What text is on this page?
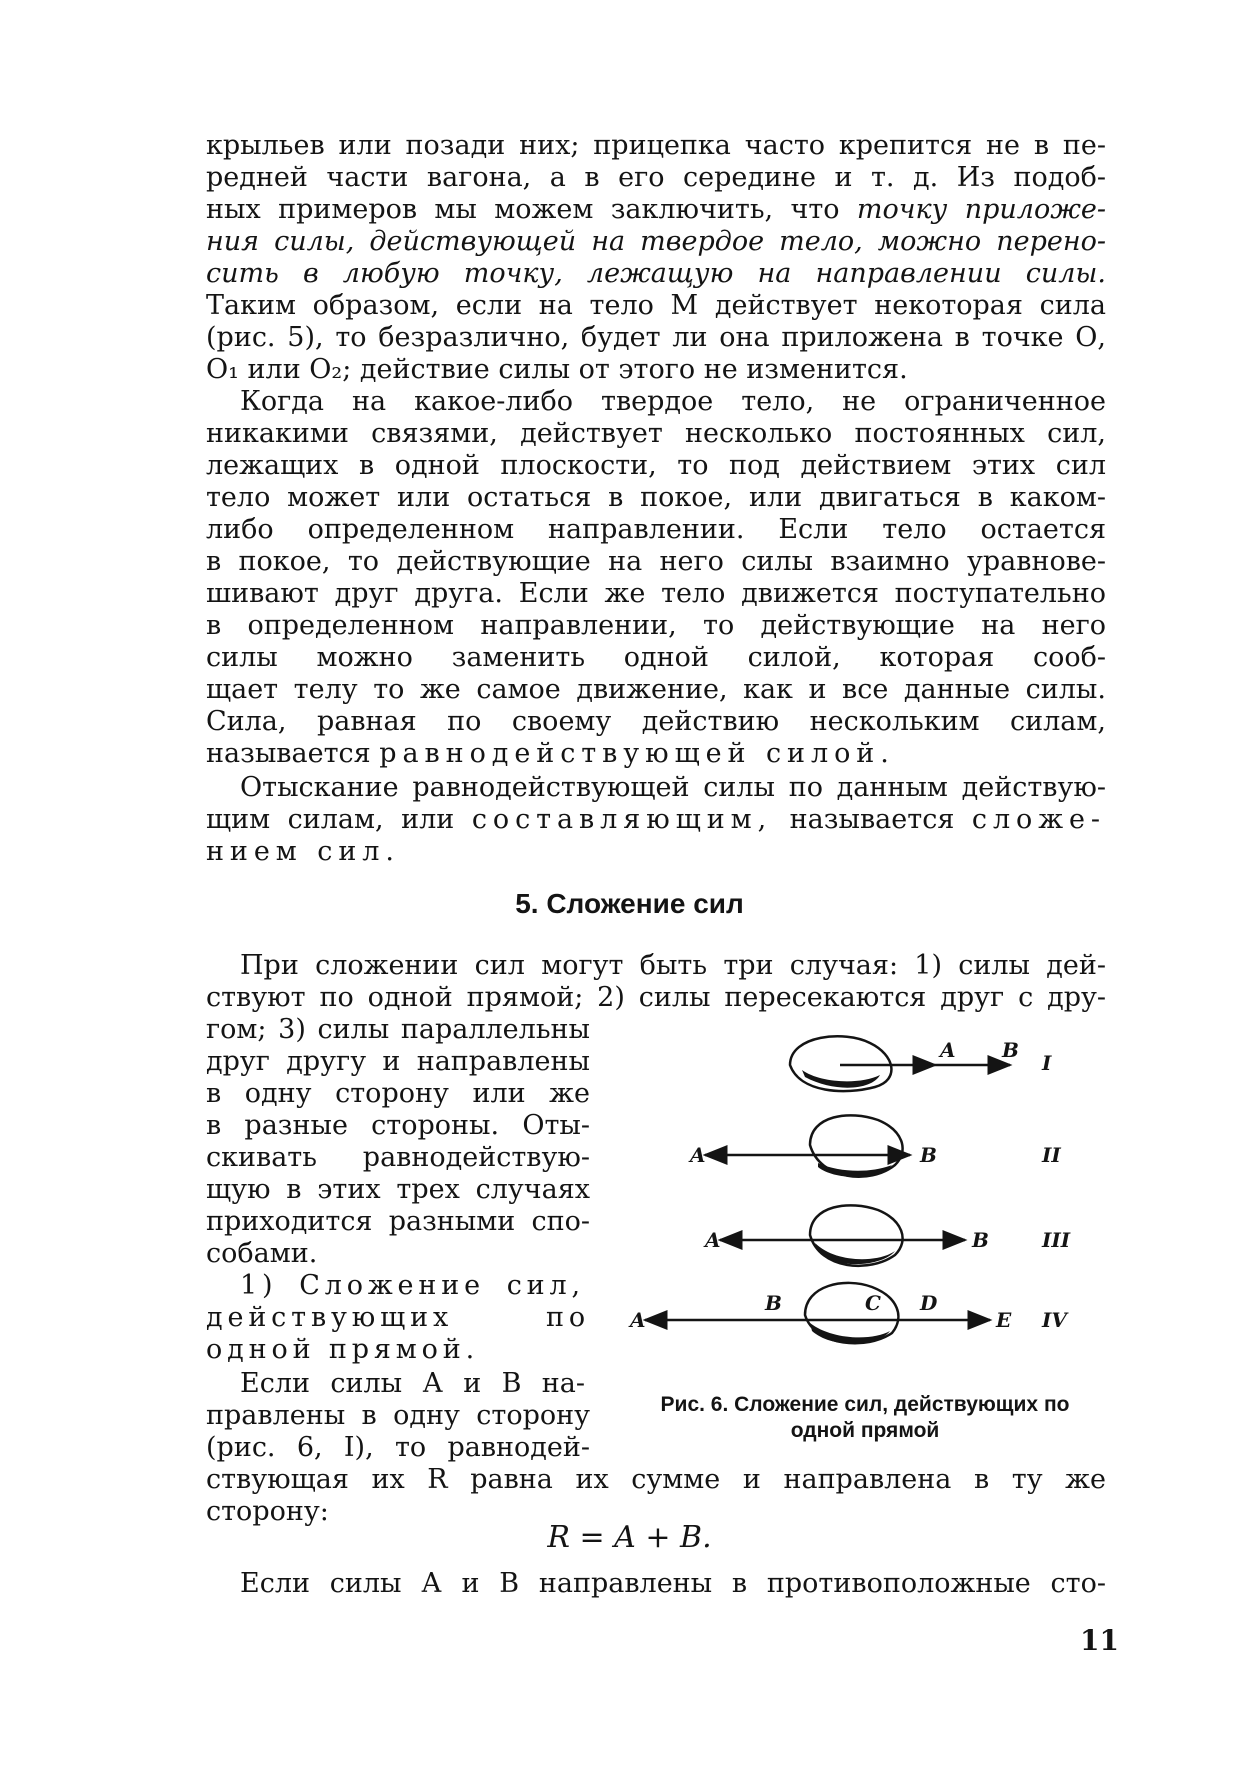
крыльев или позади них; прицепка часто крепится не в пе-
редней части вагона, а в его середине и т. д. Из подоб-
ных примеров мы можем заключить, что точку приложе-
ния силы, действующей на твердое тело, можно перено-
сить в любую точку, лежащую на направлении силы.
Таким образом, если на тело М действует некоторая сила
(рис. 5), то безразлично, будет ли она приложена в точке О,
О₁ или О₂; действие силы от этого не изменится.
Когда на какое-либо твердое тело, не ограниченное
никакими связями, действует несколько постоянных сил,
лежащих в одной плоскости, то под действием этих сил
тело может или остаться в покое, или двигаться в каком-
либо определенном направлении. Если тело остается
в покое, то действующие на него силы взаимно уравнове-
шивают друг друга. Если же тело движется поступательно
в определенном направлении, то действующие на него
силы можно заменить одной силой, которая сооб-
щает телу то же самое движение, как и все данные силы.
Сила, равная по своему действию нескольким силам,
называется равнодействующей силой.
Отыскание равнодействующей силы по данным действую-
щим силам, или составляющим, называется сложе-
нием сил.
5. Сложение сил
При сложении сил могут быть три случая: 1) силы дей-
ствуют по одной прямой; 2) силы пересекаются друг с дру-
гом; 3) силы параллельны
друг другу и направлены
в одну сторону или же
в разные стороны. Оты-
скивать равнодействую-
щую в этих трех случаях
приходится разными спо-
собами.
1) Сложение сил,
действующих по
одной прямой.
Если силы А и В на-
правлены в одну сторону
(рис. 6, I), то равнодей-
ствующая их R равна их сумме и направлена в ту же
сторону:
R = A + B.
Если силы А и В направлены в противоположные сто-
11
A B
I
A	B	II
A	B	III
A
B	C D
E IV
Рис. 6. Сложение сил, действующих по
одной прямой
